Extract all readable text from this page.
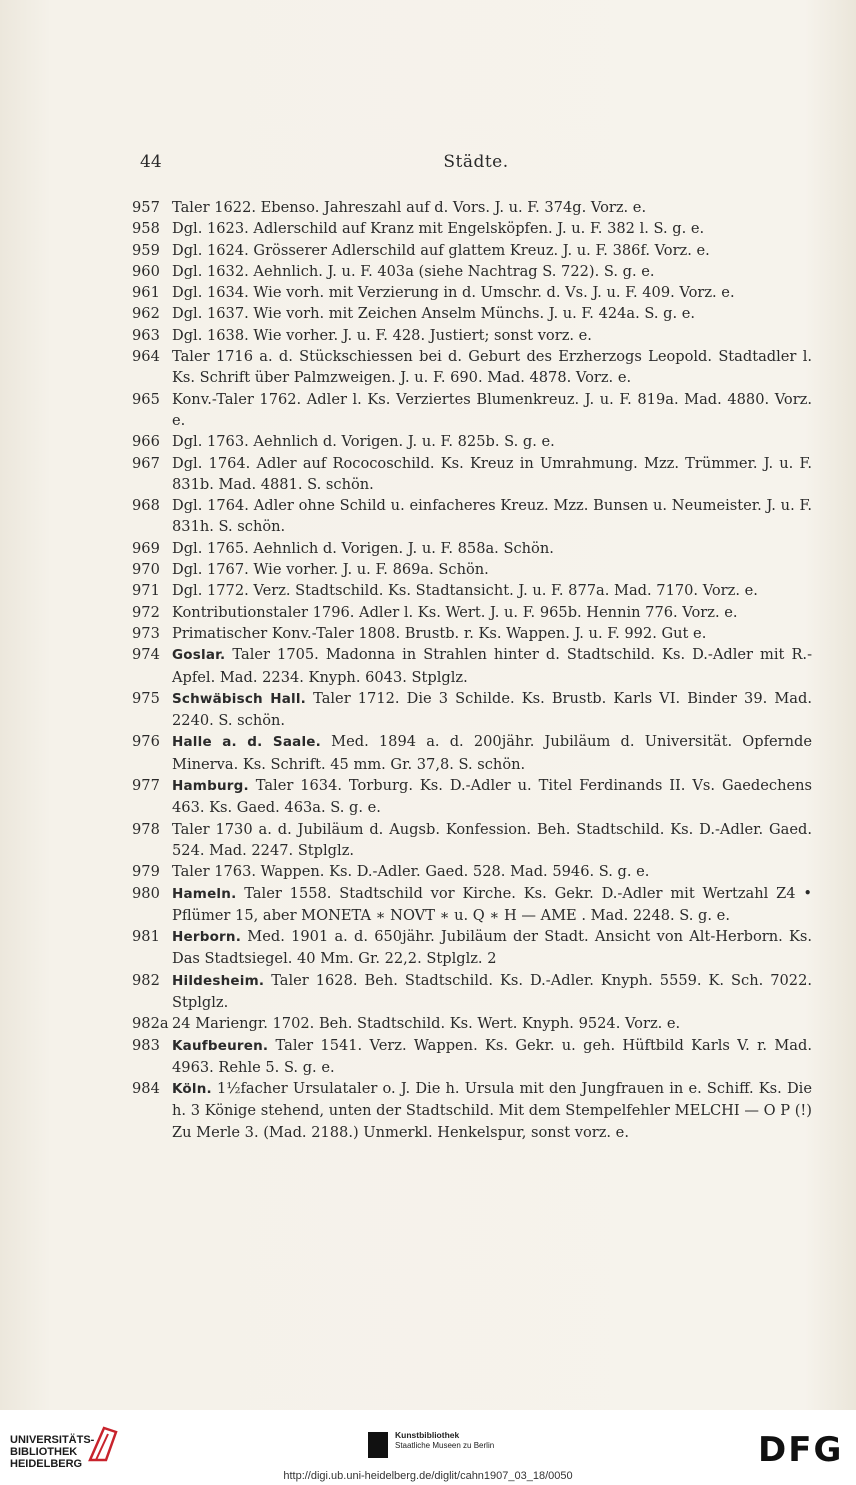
44	Städte.
957 Taler 1622. Ebenso. Jahreszahl auf d. Vors. J. u. F. 374g. Vorz. e.
958 Dgl. 1623. Adlerschild auf Kranz mit Engelsköpfen. J. u. F. 382 l. S. g. e.
959 Dgl. 1624. Grösserer Adlerschild auf glattem Kreuz. J. u. F. 386f. Vorz. e.
960 Dgl. 1632. Aehnlich. J. u. F. 403a (siehe Nachtrag S. 722). S. g. e.
961 Dgl. 1634. Wie vorh. mit Verzierung in d. Umschr. d. Vs. J. u. F. 409. Vorz. e.
962 Dgl. 1637. Wie vorh. mit Zeichen Anselm Münchs. J. u. F. 424a. S. g. e.
963 Dgl. 1638. Wie vorher. J. u. F. 428. Justiert; sonst vorz. e.
964 Taler 1716 a. d. Stückschiessen bei d. Geburt des Erzherzogs Leopold. Stadtadler l. Ks. Schrift über Palmzweigen. J. u. F. 690. Mad. 4878. Vorz. e.
965 Konv.-Taler 1762. Adler l. Ks. Verziertes Blumenkreuz. J. u. F. 819a. Mad. 4880. Vorz. e.
966 Dgl. 1763. Aehnlich d. Vorigen. J. u. F. 825b. S. g. e.
967 Dgl. 1764. Adler auf Rococoschild. Ks. Kreuz in Umrahmung. Mzz. Trümmer. J. u. F. 831b. Mad. 4881. S. schön.
968 Dgl. 1764. Adler ohne Schild u. einfacheres Kreuz. Mzz. Bunsen u. Neumeister. J. u. F. 831h. S. schön.
969 Dgl. 1765. Aehnlich d. Vorigen. J. u. F. 858a. Schön.
970 Dgl. 1767. Wie vorher. J. u. F. 869a. Schön.
971 Dgl. 1772. Verz. Stadtschild. Ks. Stadtansicht. J. u. F. 877a. Mad. 7170. Vorz. e.
972 Kontributionstaler 1796. Adler l. Ks. Wert. J. u. F. 965b. Hennin 776. Vorz. e.
973 Primatischer Konv.-Taler 1808. Brustb. r. Ks. Wappen. J. u. F. 992. Gut e.
974 Goslar. Taler 1705. Madonna in Strahlen hinter d. Stadtschild. Ks. D.-Adler mit R.-Apfel. Mad. 2234. Knyph. 6043. Stplglz.
975 Schwäbisch Hall. Taler 1712. Die 3 Schilde. Ks. Brustb. Karls VI. Binder 39. Mad. 2240. S. schön.
976 Halle a. d. Saale. Med. 1894 a. d. 200jähr. Jubiläum d. Universität. Opfernde Minerva. Ks. Schrift. 45 mm. Gr. 37,8. S. schön.
977 Hamburg. Taler 1634. Torburg. Ks. D.-Adler u. Titel Ferdinands II. Vs. Gaedechens 463. Ks. Gaed. 463a. S. g. e.
978 Taler 1730 a. d. Jubiläum d. Augsb. Konfession. Beh. Stadtschild. Ks. D.-Adler. Gaed. 524. Mad. 2247. Stplglz.
979 Taler 1763. Wappen. Ks. D.-Adler. Gaed. 528. Mad. 5946. S. g. e.
980 Hameln. Taler 1558. Stadtschild vor Kirche. Ks. Gekr. D.-Adler mit Wertzahl Z4 • Pflümer 15, aber MONETA ∗ NOVT ∗ u. Q ∗ H — AME . Mad. 2248. S. g. e.
981 Herborn. Med. 1901 a. d. 650jähr. Jubiläum der Stadt. Ansicht von Alt-Herborn. Ks. Das Stadtsiegel. 40 Mm. Gr. 22,2. Stplglz. 2
982 Hildesheim. Taler 1628. Beh. Stadtschild. Ks. D.-Adler. Knyph. 5559. K. Sch. 7022. Stplglz.
982a 24 Mariengr. 1702. Beh. Stadtschild. Ks. Wert. Knyph. 9524. Vorz. e.
983 Kaufbeuren. Taler 1541. Verz. Wappen. Ks. Gekr. u. geh. Hüftbild Karls V. r. Mad. 4963. Rehle 5. S. g. e.
984 Köln. 1½facher Ursulataler o. J. Die h. Ursula mit den Jungfrauen in e. Schiff. Ks. Die h. 3 Könige stehend, unten der Stadtschild. Mit dem Stempelfehler MELCHI — O P (!) Zu Merle 3. (Mad. 2188.) Unmerkl. Henkelspur, sonst vorz. e.
UNIVERSITÄTS-
BIBLIOTHEK
HEIDELBERG
Kunstbibliothek
Staatliche Museen zu Berlin	DFG
http://digi.ub.uni-heidelberg.de/diglit/cahn1907_03_18/0050
